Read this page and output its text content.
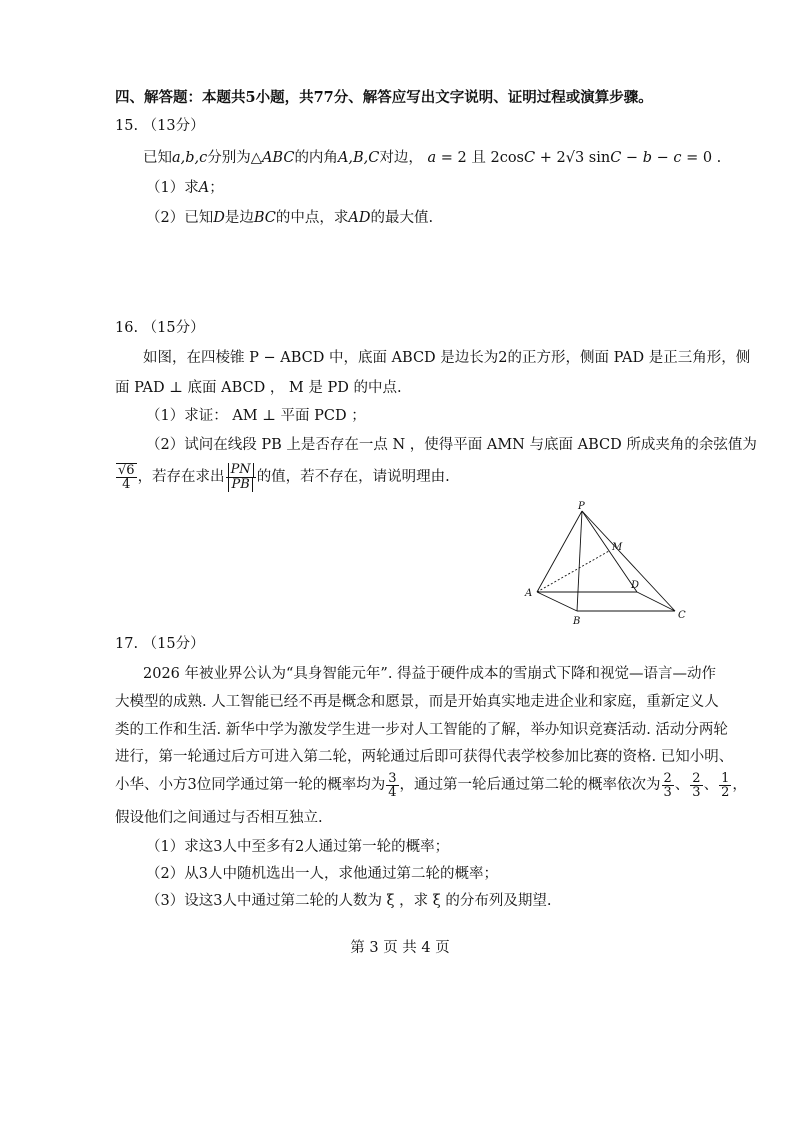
四、解答题：本题共5小题，共77分、解答应写出文字说明、证明过程或演算步骤。
15. （13分）
已知a,b,c分别为△ABC的内角A,B,C对边， a = 2 且 2cosC + 2√3 sinC − b − c = 0 .
（1）求A；
（2）已知D是边BC的中点，求AD的最大值.
16. （15分）
如图，在四棱锥 P − ABCD 中，底面 ABCD 是边长为2的正方形，侧面 PAD 是正三角形，侧
面 PAD ⊥ 底面 ABCD ， M 是 PD 的中点.
（1）求证： AM ⊥ 平面 PCD ；
（2）试问在线段 PB 上是否存在一点 N ，使得平面 AMN 与底面 ABCD 所成夹角的余弦值为
$\frac{√6}{4}$ ，若存在求出 $\frac{PN}{PB}$ 的值，若不存在，请说明理由.
P
M
D
A
B
C
17. （15分）
2026 年被业界公认为“具身智能元年”. 得益于硬件成本的雪崩式下降和视觉—语言—动作
大模型的成熟. 人工智能已经不再是概念和愿景，而是开始真实地走进企业和家庭，重新定义人
类的工作和生活. 新华中学为激发学生进一步对人工智能的了解，举办知识竞赛活动. 活动分两轮
进行，第一轮通过后方可进入第二轮，两轮通过后即可获得代表学校参加比赛的资格. 已知小明、
小华、小方3位同学通过第一轮的概率均为 $\frac{3}{4}$ ，通过第一轮后通过第二轮的概率依次为 $\frac{2}{3}$ 、 $\frac{2}{3}$ 、 $\frac{1}{2}$ ，
假设他们之间通过与否相互独立.
（1）求这3人中至多有2人通过第一轮的概率；
（2）从3人中随机选出一人，求他通过第二轮的概率；
（3）设这3人中通过第二轮的人数为 ξ ，求 ξ 的分布列及期望.
第 3 页 共 4 页
